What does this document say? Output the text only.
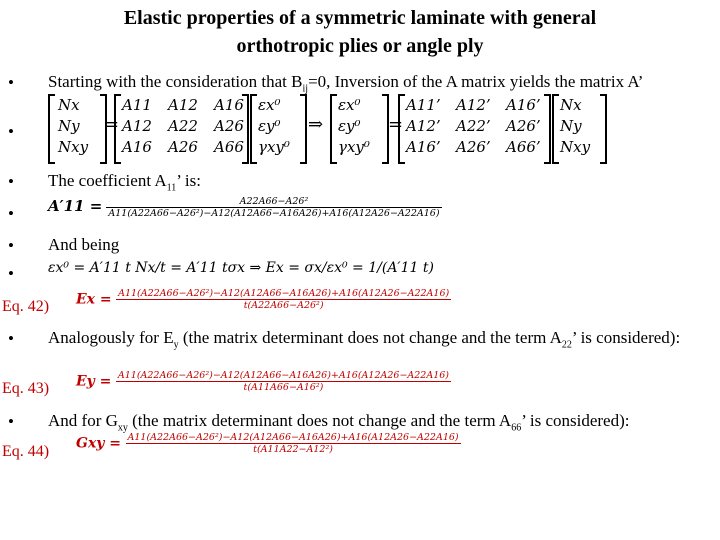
Elastic properties of a symmetric laminate with general
orthotropic plies or angle ply
• Starting with the consideration that $B_{ij}=0$, Inversion of the A matrix yields the matrix A’
•
Nx
Ny
Nxy
=
A11 A12 A16
A12 A22 A26
A16 A26 A66
εx⁰
εy⁰
γxy⁰
⇒
εx⁰
εy⁰
γxy⁰
=
A11’ A12’ A16’
A12’ A22’ A26’
A16’ A26’ A66’
Nx
Ny
Nxy
• The coefficient $A_{11}$’ is:
• $A'11 = \frac{\text{A22A66−A26²}}{\text{A11(A22A66−A26²)−A12(A12A66−A16A26)+A16(A12A26−A22A16)}}$
• And being
• εx⁰ = A′11 t Nx/t = A′11 tσx ⇒ Ex = σx/εx⁰ = 1/(A′11 t)
Eq. 42) $Ex = \frac{\text{A11(A22A66−A26²)−A12(A12A66−A16A26)+A16(A12A26−A22A16)}}{\text{t(A22A66−A26²)}}$
• Analogously for $E_y$ (the matrix determinant does not change and the term $A_{22}$’ is considered):
Eq. 43) $Ey = \frac{\text{A11(A22A66−A26²)−A12(A12A66−A16A26)+A16(A12A26−A22A16)}}{\text{t(A11A66−A16²)}}$
• And for $G_{xy}$ (the matrix determinant does not change and the term $A_{66}$’ is considered):
Eq. 44) Gxy = $\frac{\text{A11(A22A66−A26²)−A12(A12A66−A16A26)+A16(A12A26−A22A16)}}{\text{t(A11A22−A12²)}}$
